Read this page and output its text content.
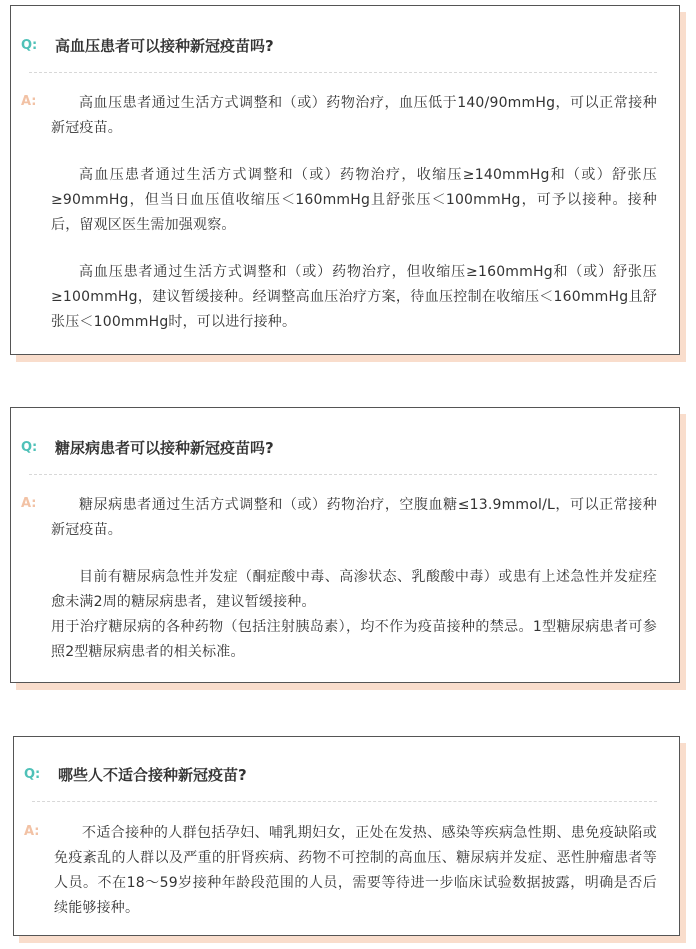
Q: 高血压患者可以接种新冠疫苗吗?
A:	高血压患者通过生活方式调整和（或）药物治疗，血压低于140/90mmHg，可以正常接种新冠疫苗。

高血压患者通过生活方式调整和（或）药物治疗，收缩压≥140mmHg和（或）舒张压≥90mmHg，但当日血压值收缩压＜160mmHg且舒张压＜100mmHg，可予以接种。接种后，留观区医生需加强观察。

高血压患者通过生活方式调整和（或）药物治疗，但收缩压≥160mmHg和（或）舒张压≥100mmHg，建议暂缓接种。经调整高血压治疗方案，待血压控制在收缩压＜160mmHg且舒张压＜100mmHg时，可以进行接种。

Q: 糖尿病患者可以接种新冠疫苗吗?
A:	糖尿病患者通过生活方式调整和（或）药物治疗，空腹血糖≤13.9mmol/L，可以正常接种新冠疫苗。

目前有糖尿病急性并发症（酮症酸中毒、高渗状态、乳酸酸中毒）或患有上述急性并发症痊愈未满2周的糖尿病患者，建议暂缓接种。

用于治疗糖尿病的各种药物（包括注射胰岛素），均不作为疫苗接种的禁忌。1型糖尿病患者可参照2型糖尿病患者的相关标准。

Q: 哪些人不适合接种新冠疫苗?
A:	不适合接种的人群包括孕妇、哺乳期妇女，正处在发热、感染等疾病急性期、患免疫缺陷或免疫紊乱的人群以及严重的肝肾疾病、药物不可控制的高血压、糖尿病并发症、恶性肿瘤患者等人员。不在18～59岁接种年龄段范围的人员，需要等待进一步临床试验数据披露，明确是否后续能够接种。
